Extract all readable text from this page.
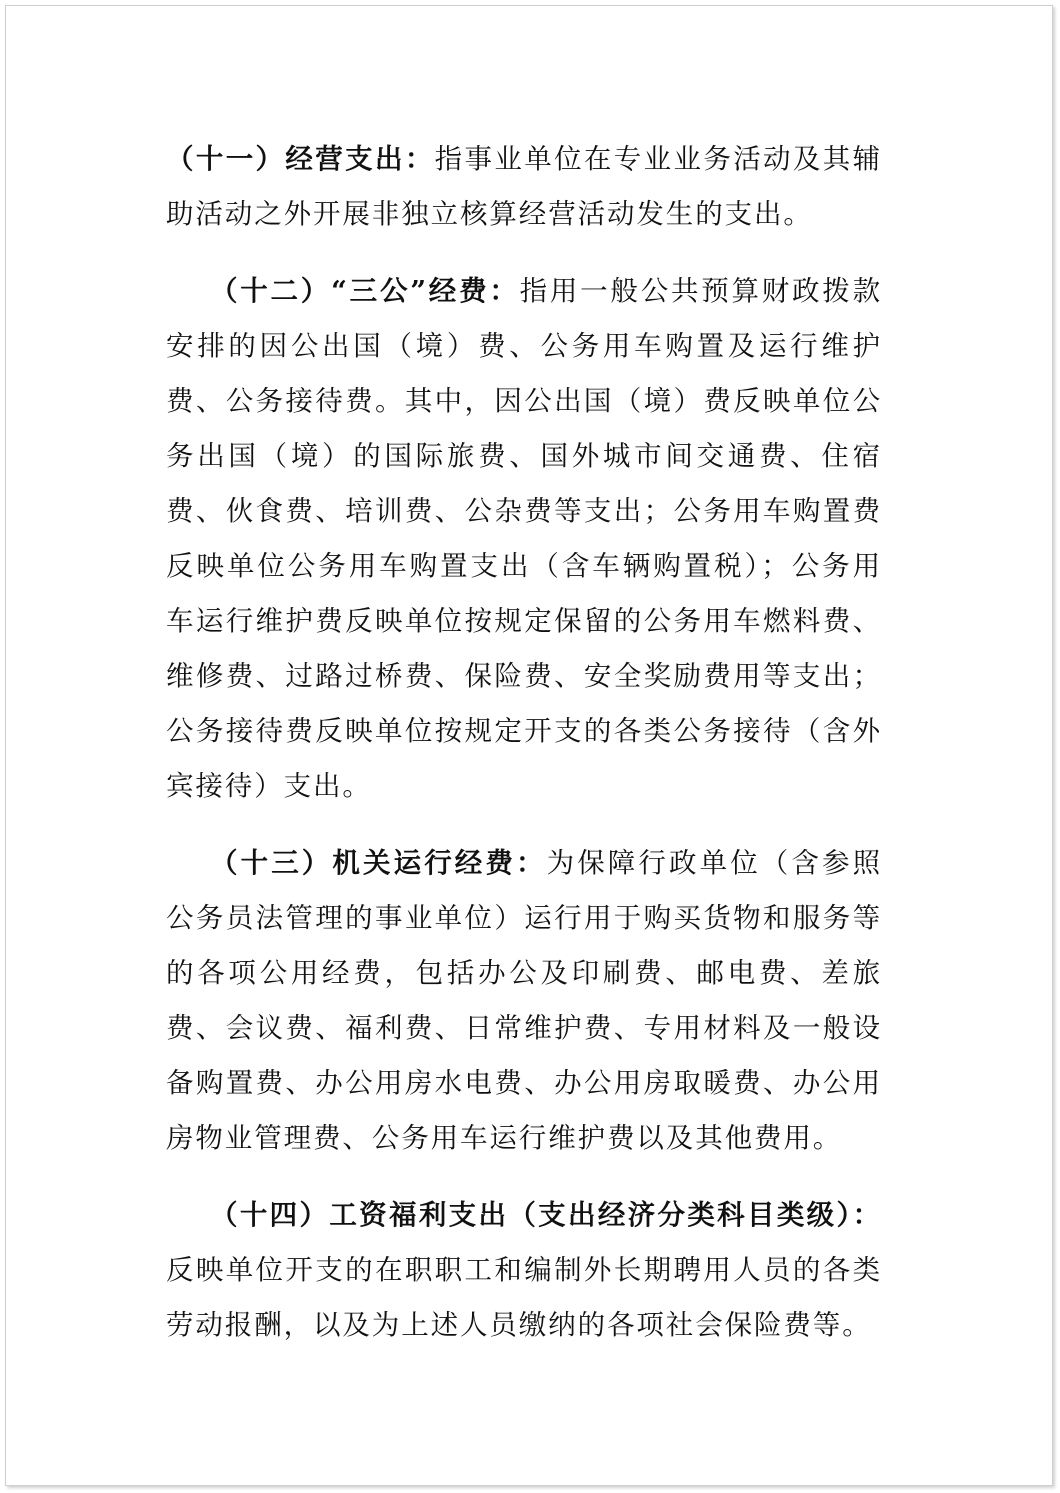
（十一）经营支出：指事业单位在专业业务活动及其辅助活动之外开展非独立核算经营活动发生的支出。

（十二）“三公”经费：指用一般公共预算财政拨款安排的因公出国（境）费、公务用车购置及运行维护费、公务接待费。其中，因公出国（境）费反映单位公务出国（境）的国际旅费、国外城市间交通费、住宿费、伙食费、培训费、公杂费等支出；公务用车购置费反映单位公务用车购置支出（含车辆购置税）；公务用车运行维护费反映单位按规定保留的公务用车燃料费、维修费、过路过桥费、保险费、安全奖励费用等支出；公务接待费反映单位按规定开支的各类公务接待（含外宾接待）支出。

（十三）机关运行经费：为保障行政单位（含参照公务员法管理的事业单位）运行用于购买货物和服务等的各项公用经费，包括办公及印刷费、邮电费、差旅费、会议费、福利费、日常维护费、专用材料及一般设备购置费、办公用房水电费、办公用房取暖费、办公用房物业管理费、公务用车运行维护费以及其他费用。

（十四）工资福利支出（支出经济分类科目类级）：反映单位开支的在职职工和编制外长期聘用人员的各类劳动报酬，以及为上述人员缴纳的各项社会保险费等。
